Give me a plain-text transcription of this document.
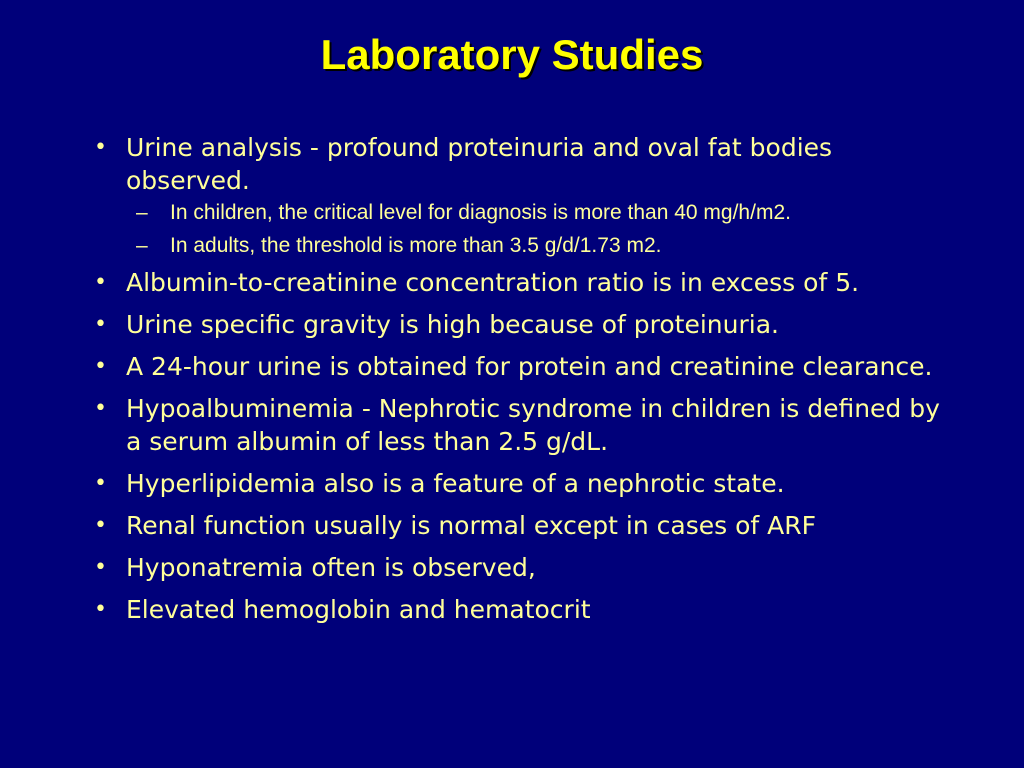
Laboratory Studies
• Urine analysis - profound proteinuria and oval fat bodies observed.
– In children, the critical level for diagnosis is more than 40 mg/h/m2.
– In adults, the threshold is more than 3.5 g/d/1.73 m2.
• Albumin-to-creatinine concentration ratio is in excess of 5.
• Urine specific gravity is high because of proteinuria.
• A 24-hour urine is obtained for protein and creatinine clearance.
• Hypoalbuminemia - Nephrotic syndrome in children is defined by a serum albumin of less than 2.5 g/dL.
• Hyperlipidemia also is a feature of a nephrotic state.
• Renal function usually is normal except in cases of ARF
• Hyponatremia often is observed,
• Elevated hemoglobin and hematocrit
